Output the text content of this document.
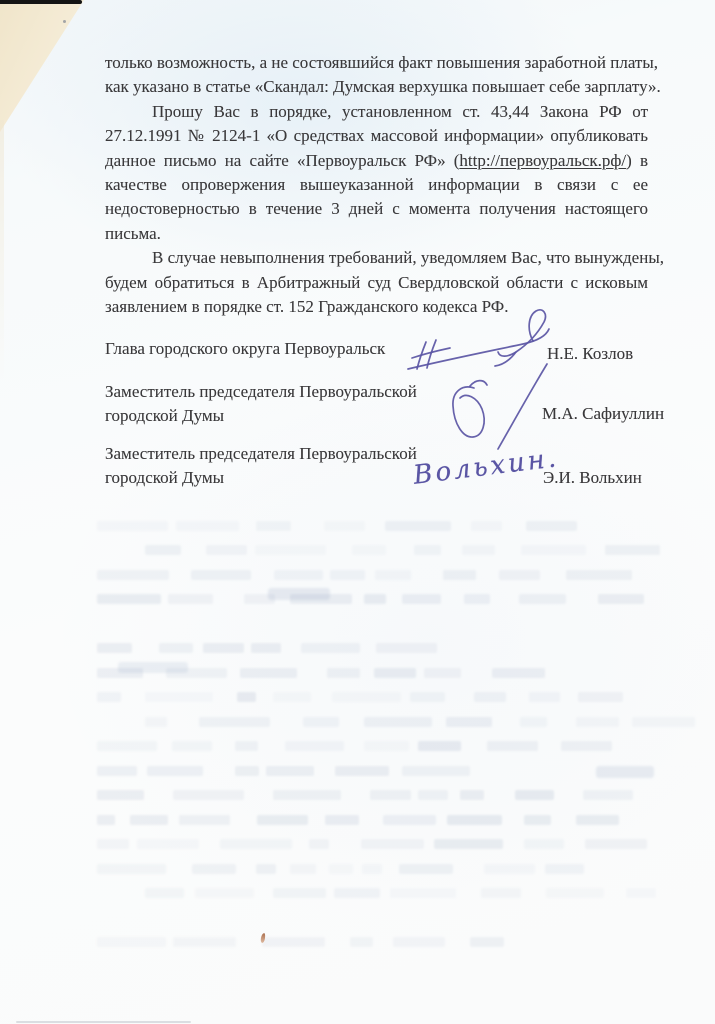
только возможность, а не состоявшийся факт повышения заработной платы,
как указано в статье «Скандал: Думская верхушка повышает себе зарплату».
Прошу Вас в порядке, установленном ст. 43,44 Закона РФ от
27.12.1991 № 2124-1 «О средствах массовой информации» опубликовать
данное письмо на сайте «Первоуральск РФ» (http://первоуральск.рф/) в
качестве опровержения вышеуказанной информации в связи с ее
недостоверностью в течение 3 дней с момента получения настоящего
письма.
В случае невыполнения требований, уведомляем Вас, что вынуждены,
будем обратиться в Арбитражный суд Свердловской области с исковым
заявлением в порядке ст. 152 Гражданского кодекса РФ.
Глава городского округа Первоуральск	Н.Е. Козлов
Заместитель председателя Первоуральской
городской Думы	М.А. Сафиуллин
Заместитель председателя Первоуральской
городской Думы	Э.И. Вольхин
Вольхин.
